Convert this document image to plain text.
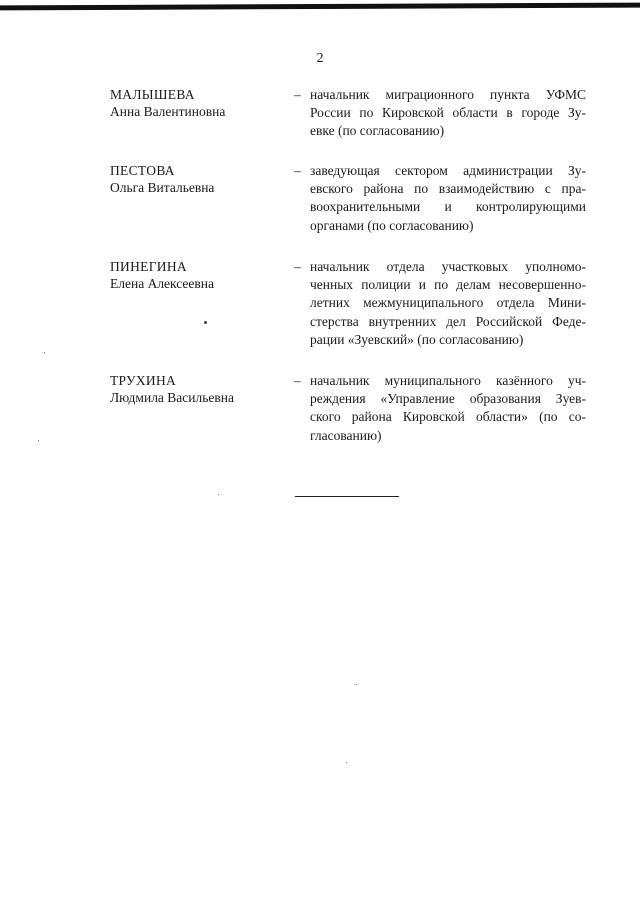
2
МАЛЫШЕВА
Анна Валентиновна
– начальник миграционного пункта УФМС
России по Кировской области в городе Зу-
евке (по согласованию)
ПЕСТОВА
Ольга Витальевна
– заведующая сектором администрации Зу-
евского района по взаимодействию с пра-
воохранительными и контролирующими
органами (по согласованию)
ПИНЕГИНА
Елена Алексеевна
– начальник отдела участковых уполномо-
ченных полиции и по делам несовершенно-
летних межмуниципального отдела Мини-
стерства внутренних дел Российской Феде-
рации «Зуевский» (по согласованию)
ТРУХИНА
Людмила Васильевна
– начальник муниципального казённого уч-
реждения «Управление образования Зуев-
ского района Кировской области» (по со-
гласованию)
